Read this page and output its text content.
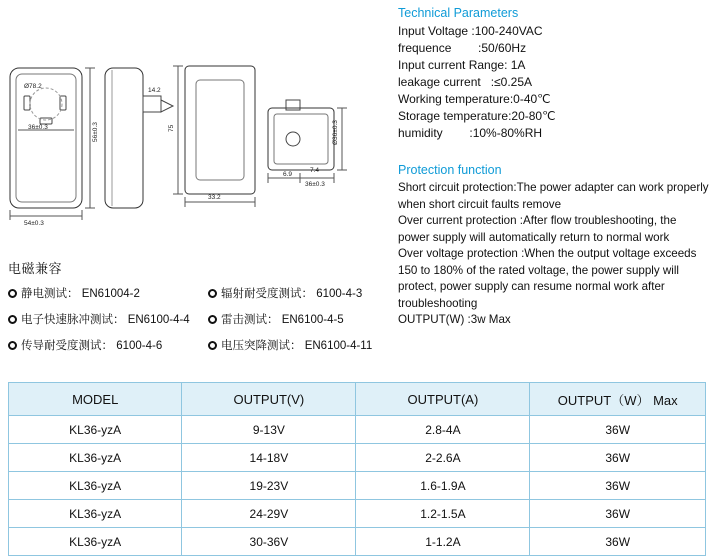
Ø78.2
36±0.3
54±0.3
56±0.3
14.2
75
33.2
6.9
7.4
Ø36±0.3
36±0.3
电磁兼容
静电测试： EN61004-2	辐射耐受度测试： 6100-4-3
电子快速脉冲测试： EN6100-4-4	雷击测试： EN6100-4-5
传导耐受度测试： 6100-4-6	电压突降测试： EN6100-4-11
Technical Parameters
Input Voltage :100-240VAC
frequence        :50/60Hz
Input current Range: 1A
leakage current   :≤0.25A
Working temperature:0-40℃
Storage temperature:20-80℃
humidity        :10%-80%RH
Protection function

Short circuit protection:The power adapter can work properly when short circuit faults remove

Over current protection :After flow troubleshooting, the power supply will automatically return to normal work

Over voltage protection :When the output voltage exceeds 150 to 180% of the rated voltage, the power supply will protect, power supply can resume normal work after troubleshooting

OUTPUT(W) :3w Max

MODEL	OUTPUT(V)	OUTPUT(A)	OUTPUT（W） Max
KL36-yzA	9-13V	2.8-4A	36W
KL36-yzA	14-18V	2-2.6A	36W
KL36-yzA	19-23V	1.6-1.9A	36W
KL36-yzA	24-29V	1.2-1.5A	36W
KL36-yzA	30-36V	1-1.2A	36W
